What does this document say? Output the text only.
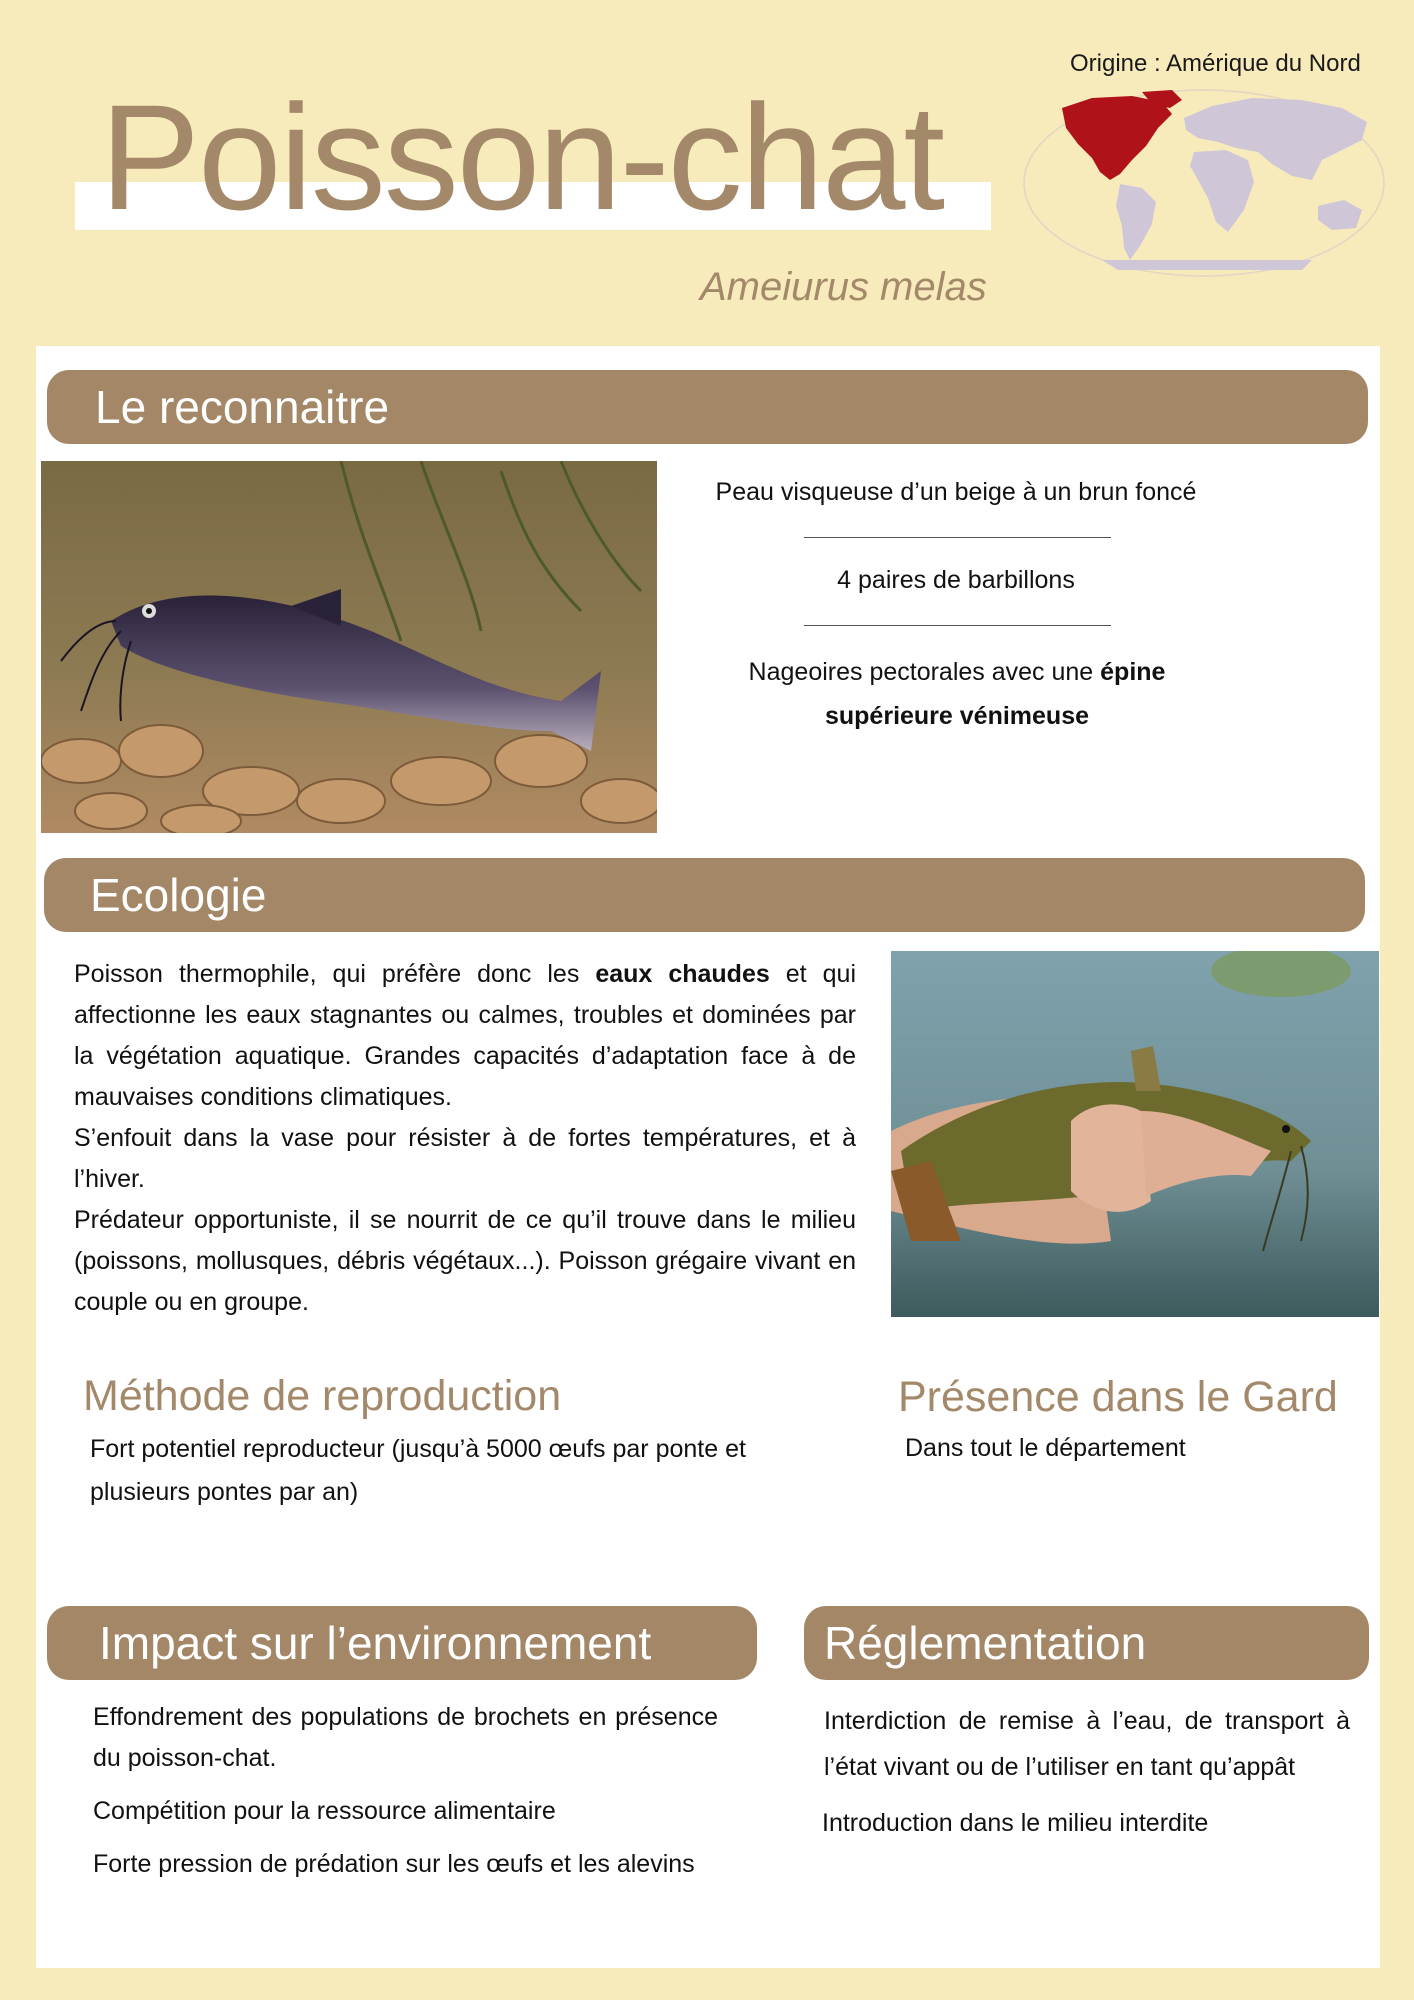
Origine : Amérique du Nord
Poisson-chat
Ameiurus melas
Le reconnaitre
Peau visqueuse d’un beige à un brun foncé
4 paires de barbillons
Nageoires pectorales avec une épine supérieure vénimeuse
Ecologie

Poisson thermophile, qui préfère donc les eaux chaudes et qui affectionne les eaux stagnantes ou calmes, troubles et dominées par la végétation aquatique. Grandes capacités d’adaptation face à de mauvaises conditions climatiques.

S’enfouit dans la vase pour résister à de fortes températures, et à l’hiver.

Prédateur opportuniste, il se nourrit de ce qu’il trouve dans le milieu (poissons, mollusques, débris végétaux...). Poisson grégaire vivant en couple ou en groupe.

Méthode de reproduction
Fort potentiel reproducteur (jusqu’à 5000 œufs par ponte et plusieurs pontes par an)
Présence dans le Gard
Dans tout le département
Impact sur l’environnement

Effondrement des populations de brochets en présence du poisson-chat.

Compétition pour la ressource alimentaire

Forte pression de prédation sur les œufs et les alevins

Réglementation

Interdiction de remise à l’eau, de transport à l’état vivant ou de l’utiliser en tant qu’appât

Introduction dans le milieu interdite
